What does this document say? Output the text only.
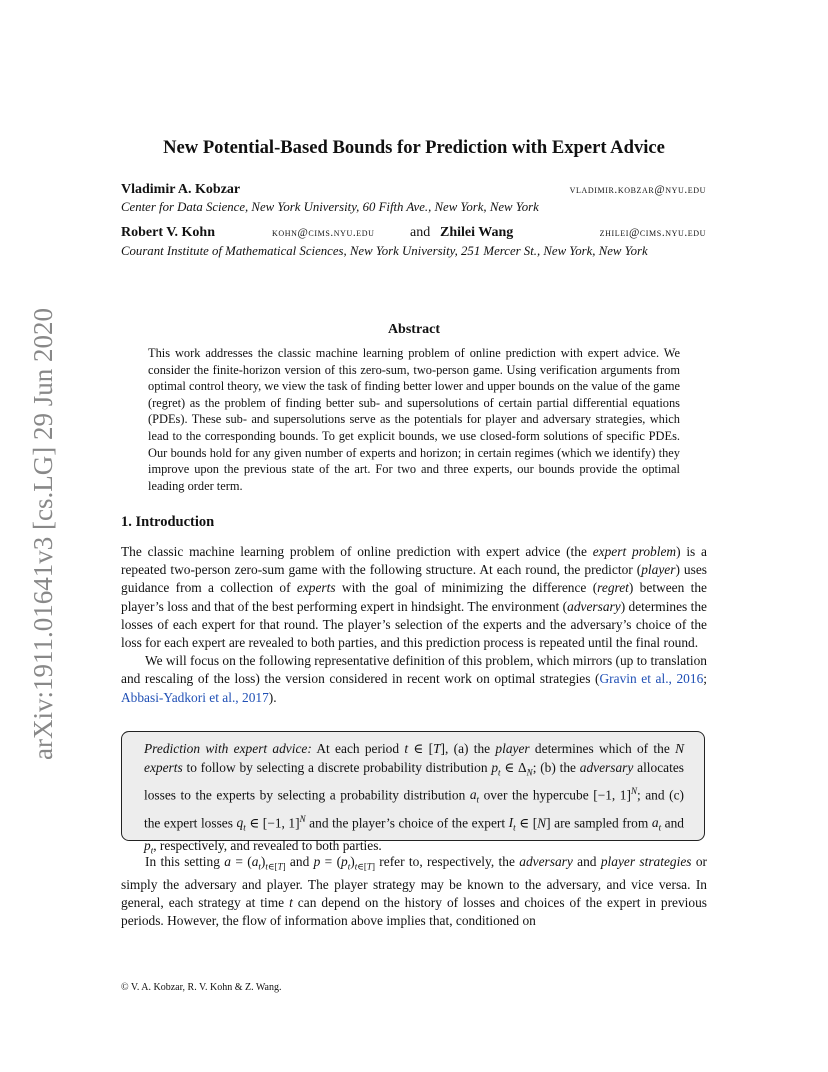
arXiv:1911.01641v3 [cs.LG] 29 Jun 2020
New Potential-Based Bounds for Prediction with Expert Advice
Vladimir A. Kobzar	vladimir.kobzar@nyu.edu
Center for Data Science, New York University, 60 Fifth Ave., New York, New York
Robert V. Kohn	kohn@cims.nyu.edu	and Zhilei Wang	zhilei@cims.nyu.edu
Courant Institute of Mathematical Sciences, New York University, 251 Mercer St., New York, New York
Abstract

This work addresses the classic machine learning problem of online prediction with expert advice. We consider the finite-horizon version of this zero-sum, two-person game. Using verification arguments from optimal control theory, we view the task of finding better lower and upper bounds on the value of the game (regret) as the problem of finding better sub- and supersolutions of certain partial differential equations (PDEs). These sub- and supersolutions serve as the potentials for player and adversary strategies, which lead to the corresponding bounds. To get explicit bounds, we use closed-form solutions of specific PDEs. Our bounds hold for any given number of experts and horizon; in certain regimes (which we identify) they improve upon the previous state of the art. For two and three experts, our bounds provide the optimal leading order term.

1. Introduction

The classic machine learning problem of online prediction with expert advice (the expert problem) is a repeated two-person zero-sum game with the following structure. At each round, the predictor (player) uses guidance from a collection of experts with the goal of minimizing the difference (regret) between the player’s loss and that of the best performing expert in hindsight. The environment (adversary) determines the losses of each expert for that round. The player’s selection of the experts and the adversary’s choice of the loss for each expert are revealed to both parties, and this prediction process is repeated until the final round.

We will focus on the following representative definition of this problem, which mirrors (up to translation and rescaling of the loss) the version considered in recent work on optimal strategies (Gravin et al., 2016; Abbasi-Yadkori et al., 2017).

Prediction with expert advice: At each period t ∈ [T], (a) the player determines which of the N experts to follow by selecting a discrete probability distribution $p_t$ ∈ $\Delta_N$; (b) the adversary allocates losses to the experts by selecting a probability distribution $a_t$ over the hypercube [−1, 1]$^N$; and (c) the expert losses $q_t$ ∈ [−1, 1]$^N$ and the player’s choice of the expert $I_t$ ∈ [N] are sampled from $a_t$ and $p_t$, respectively, and revealed to both parties.

In this setting $a = (a_t)_{t\in[T]}$ and $p = (p_t)_{t\in[T]}$ refer to, respectively, the adversary and player strategies or simply the adversary and player. The player strategy may be known to the adversary, and vice versa. In general, each strategy at time t can depend on the history of losses and choices of the expert in previous periods. However, the flow of information above implies that, conditioned on

© V. A. Kobzar, R. V. Kohn & Z. Wang.
